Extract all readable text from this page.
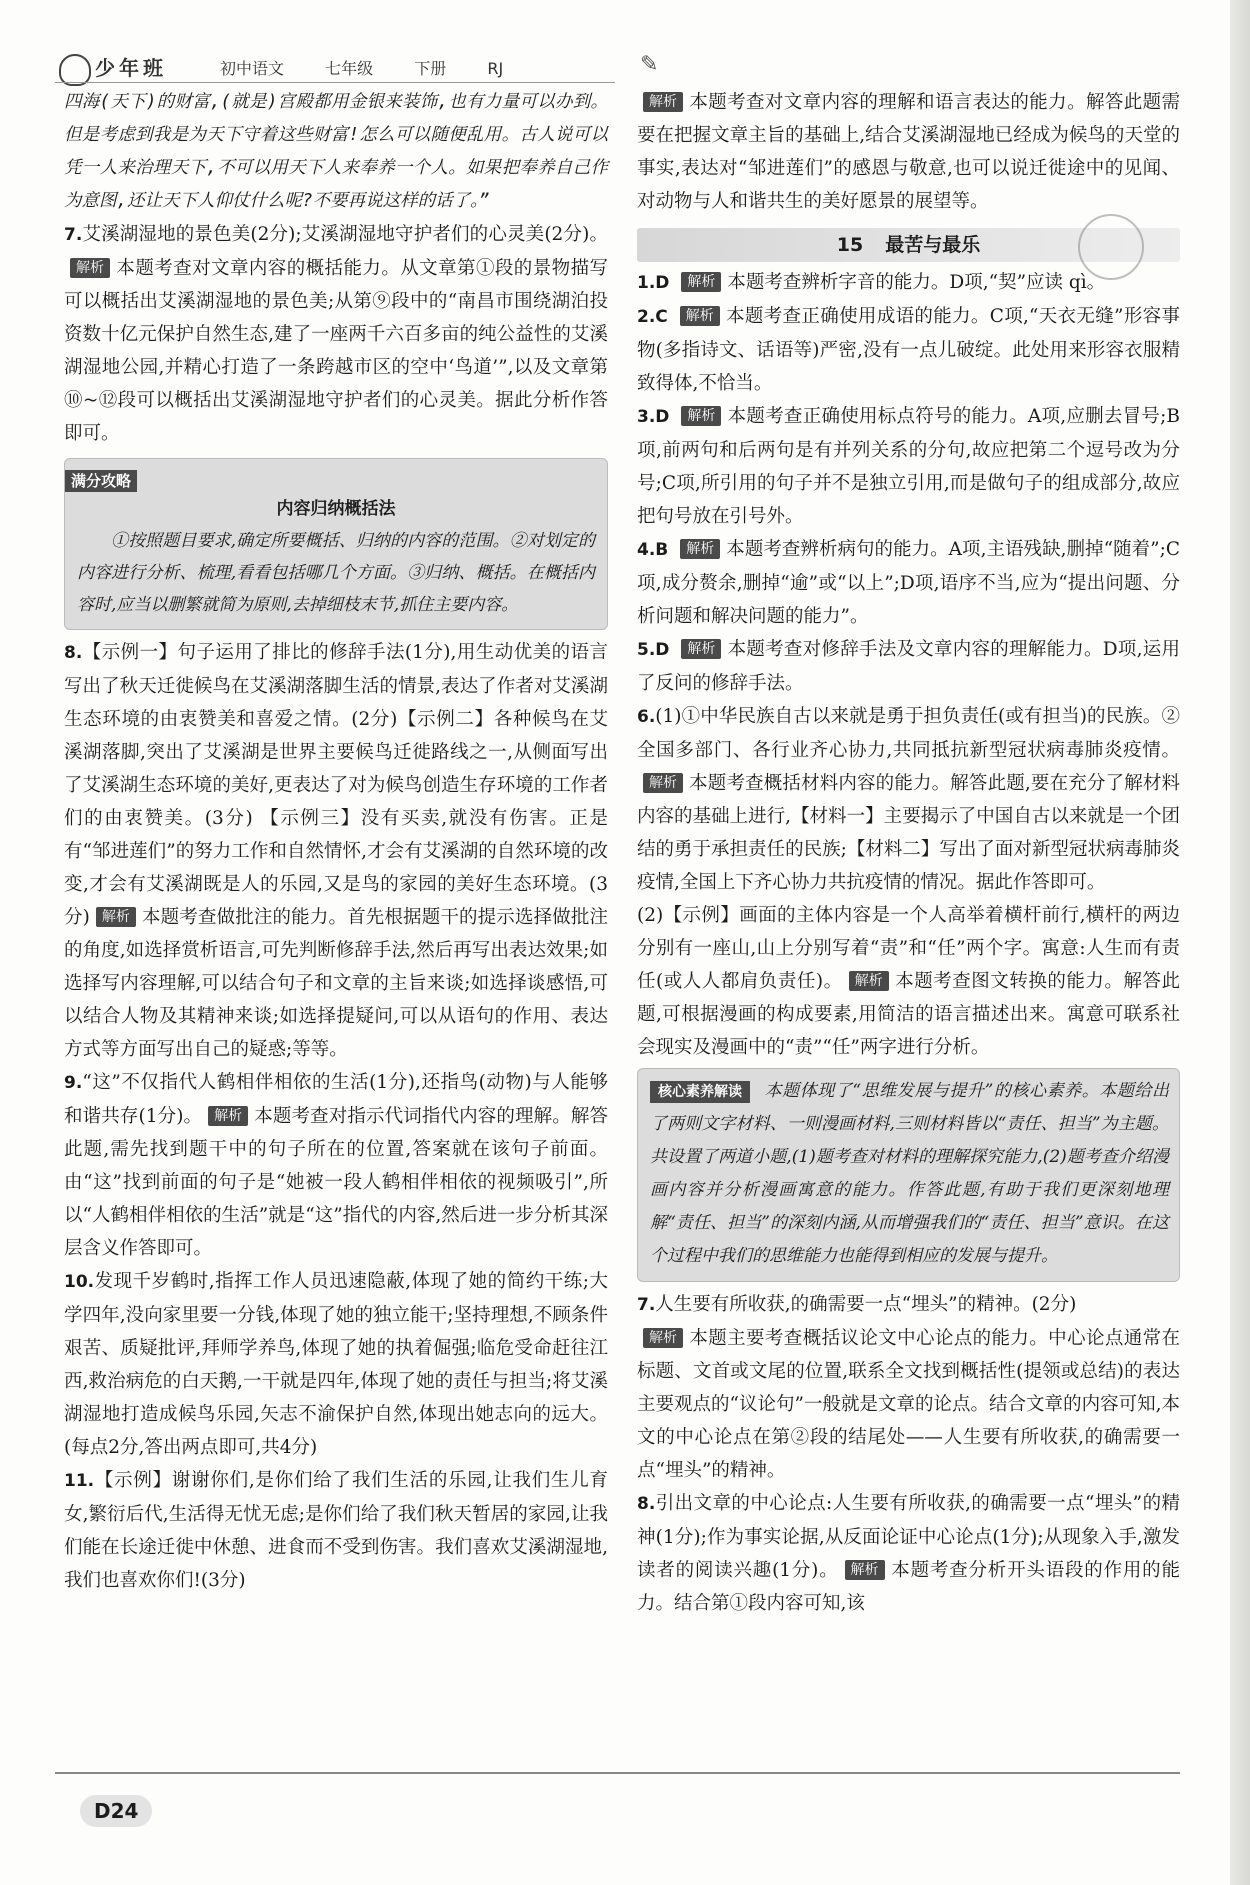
少年班	初中语文	七年级	下册	RJ	✎

四海(天下)的财富,(就是)宫殿都用金银来装饰,也有力量可以办到。但是考虑到我是为天下守着这些财富!怎么可以随便乱用。古人说可以凭一人来治理天下,不可以用天下人来奉养一个人。如果把奉养自己作为意图,还让天下人仰仗什么呢?不要再说这样的话了。”

7.艾溪湖湿地的景色美(2分);艾溪湖湿地守护者们的心灵美(2分)。解析 本题考查对文章内容的概括能力。从文章第①段的景物描写可以概括出艾溪湖湿地的景色美;从第⑨段中的“南昌市围绕湖泊投资数十亿元保护自然生态,建了一座两千六百多亩的纯公益性的艾溪湖湿地公园,并精心打造了一条跨越市区的空中‘鸟道’”,以及文章第⑩~⑫段可以概括出艾溪湖湿地守护者们的心灵美。据此分析作答即可。

满分攻略
内容归纳概括法
①按照题目要求,确定所要概括、归纳的内容的范围。②对划定的内容进行分析、梳理,看看包括哪几个方面。③归纳、概括。在概括内容时,应当以删繁就简为原则,去掉细枝末节,抓住主要内容。

8.【示例一】句子运用了排比的修辞手法(1分),用生动优美的语言写出了秋天迁徙候鸟在艾溪湖落脚生活的情景,表达了作者对艾溪湖生态环境的由衷赞美和喜爱之情。(2分)【示例二】各种候鸟在艾溪湖落脚,突出了艾溪湖是世界主要候鸟迁徙路线之一,从侧面写出了艾溪湖生态环境的美好,更表达了对为候鸟创造生存环境的工作者们的由衷赞美。(3分) 【示例三】没有买卖,就没有伤害。正是有“邹进莲们”的努力工作和自然情怀,才会有艾溪湖的自然环境的改变,才会有艾溪湖既是人的乐园,又是鸟的家园的美好生态环境。(3分) 解析 本题考查做批注的能力。首先根据题干的提示选择做批注的角度,如选择赏析语言,可先判断修辞手法,然后再写出表达效果;如选择写内容理解,可以结合句子和文章的主旨来谈;如选择谈感悟,可以结合人物及其精神来谈;如选择提疑问,可以从语句的作用、表达方式等方面写出自己的疑惑;等等。

9.“这”不仅指代人鹤相伴相依的生活(1分),还指鸟(动物)与人能够和谐共存(1分)。 解析 本题考查对指示代词指代内容的理解。解答此题,需先找到题干中的句子所在的位置,答案就在该句子前面。由“这”找到前面的句子是“她被一段人鹤相伴相依的视频吸引”,所以“人鹤相伴相依的生活”就是“这”指代的内容,然后进一步分析其深层含义作答即可。

10.发现千岁鹤时,指挥工作人员迅速隐蔽,体现了她的简约干练;大学四年,没向家里要一分钱,体现了她的独立能干;坚持理想,不顾条件艰苦、质疑批评,拜师学养鸟,体现了她的执着倔强;临危受命赶往江西,救治病危的白天鹅,一干就是四年,体现了她的责任与担当;将艾溪湖湿地打造成候鸟乐园,矢志不渝保护自然,体现出她志向的远大。(每点2分,答出两点即可,共4分)

11.【示例】谢谢你们,是你们给了我们生活的乐园,让我们生儿育女,繁衍后代,生活得无忧无虑;是你们给了我们秋天暂居的家园,让我们能在长途迁徙中休憩、进食而不受到伤害。我们喜欢艾溪湖湿地,我们也喜欢你们!(3分)

解析 本题考查对文章内容的理解和语言表达的能力。解答此题需要在把握文章主旨的基础上,结合艾溪湖湿地已经成为候鸟的天堂的事实,表达对“邹进莲们”的感恩与敬意,也可以说迁徙途中的见闻、对动物与人和谐共生的美好愿景的展望等。

15 最苦与最乐

1.D 解析 本题考查辨析字音的能力。D项,“契”应读 qì。

2.C 解析 本题考查正确使用成语的能力。C项,“天衣无缝”形容事物(多指诗文、话语等)严密,没有一点儿破绽。此处用来形容衣服精致得体,不恰当。

3.D 解析 本题考查正确使用标点符号的能力。A项,应删去冒号;B项,前两句和后两句是有并列关系的分句,故应把第二个逗号改为分号;C项,所引用的句子并不是独立引用,而是做句子的组成部分,故应把句号放在引号外。

4.B 解析 本题考查辨析病句的能力。A项,主语残缺,删掉“随着”;C项,成分赘余,删掉“逾”或“以上”;D项,语序不当,应为“提出问题、分析问题和解决问题的能力”。

5.D 解析 本题考查对修辞手法及文章内容的理解能力。D项,运用了反问的修辞手法。

6.(1)①中华民族自古以来就是勇于担负责任(或有担当)的民族。②全国多部门、各行业齐心协力,共同抵抗新型冠状病毒肺炎疫情。解析 本题考查概括材料内容的能力。解答此题,要在充分了解材料内容的基础上进行,【材料一】主要揭示了中国自古以来就是一个团结的勇于承担责任的民族;【材料二】写出了面对新型冠状病毒肺炎疫情,全国上下齐心协力共抗疫情的情况。据此作答即可。
(2)【示例】画面的主体内容是一个人高举着横杆前行,横杆的两边分别有一座山,山上分别写着“责”和“任”两个字。寓意:人生而有责任(或人人都肩负责任)。 解析 本题考查图文转换的能力。解答此题,可根据漫画的构成要素,用简洁的语言描述出来。寓意可联系社会现实及漫画中的“责”“任”两字进行分析。

核心素养解读 本题体现了“思维发展与提升”的核心素养。本题给出了两则文字材料、一则漫画材料,三则材料皆以“责任、担当”为主题。共设置了两道小题,(1)题考查对材料的理解探究能力,(2)题考查介绍漫画内容并分析漫画寓意的能力。作答此题,有助于我们更深刻地理解“责任、担当”的深刻内涵,从而增强我们的“责任、担当”意识。在这个过程中我们的思维能力也能得到相应的发展与提升。

7.人生要有所收获,的确需要一点“埋头”的精神。(2分)
解析 本题主要考查概括议论文中心论点的能力。中心论点通常在标题、文首或文尾的位置,联系全文找到概括性(提领或总结)的表达主要观点的“议论句”一般就是文章的论点。结合文章的内容可知,本文的中心论点在第②段的结尾处——人生要有所收获,的确需要一点“埋头”的精神。

8.引出文章的中心论点:人生要有所收获,的确需要一点“埋头”的精神(1分);作为事实论据,从反面论证中心论点(1分);从现象入手,激发读者的阅读兴趣(1分)。 解析 本题考查分析开头语段的作用的能力。结合第①段内容可知,该

D24
